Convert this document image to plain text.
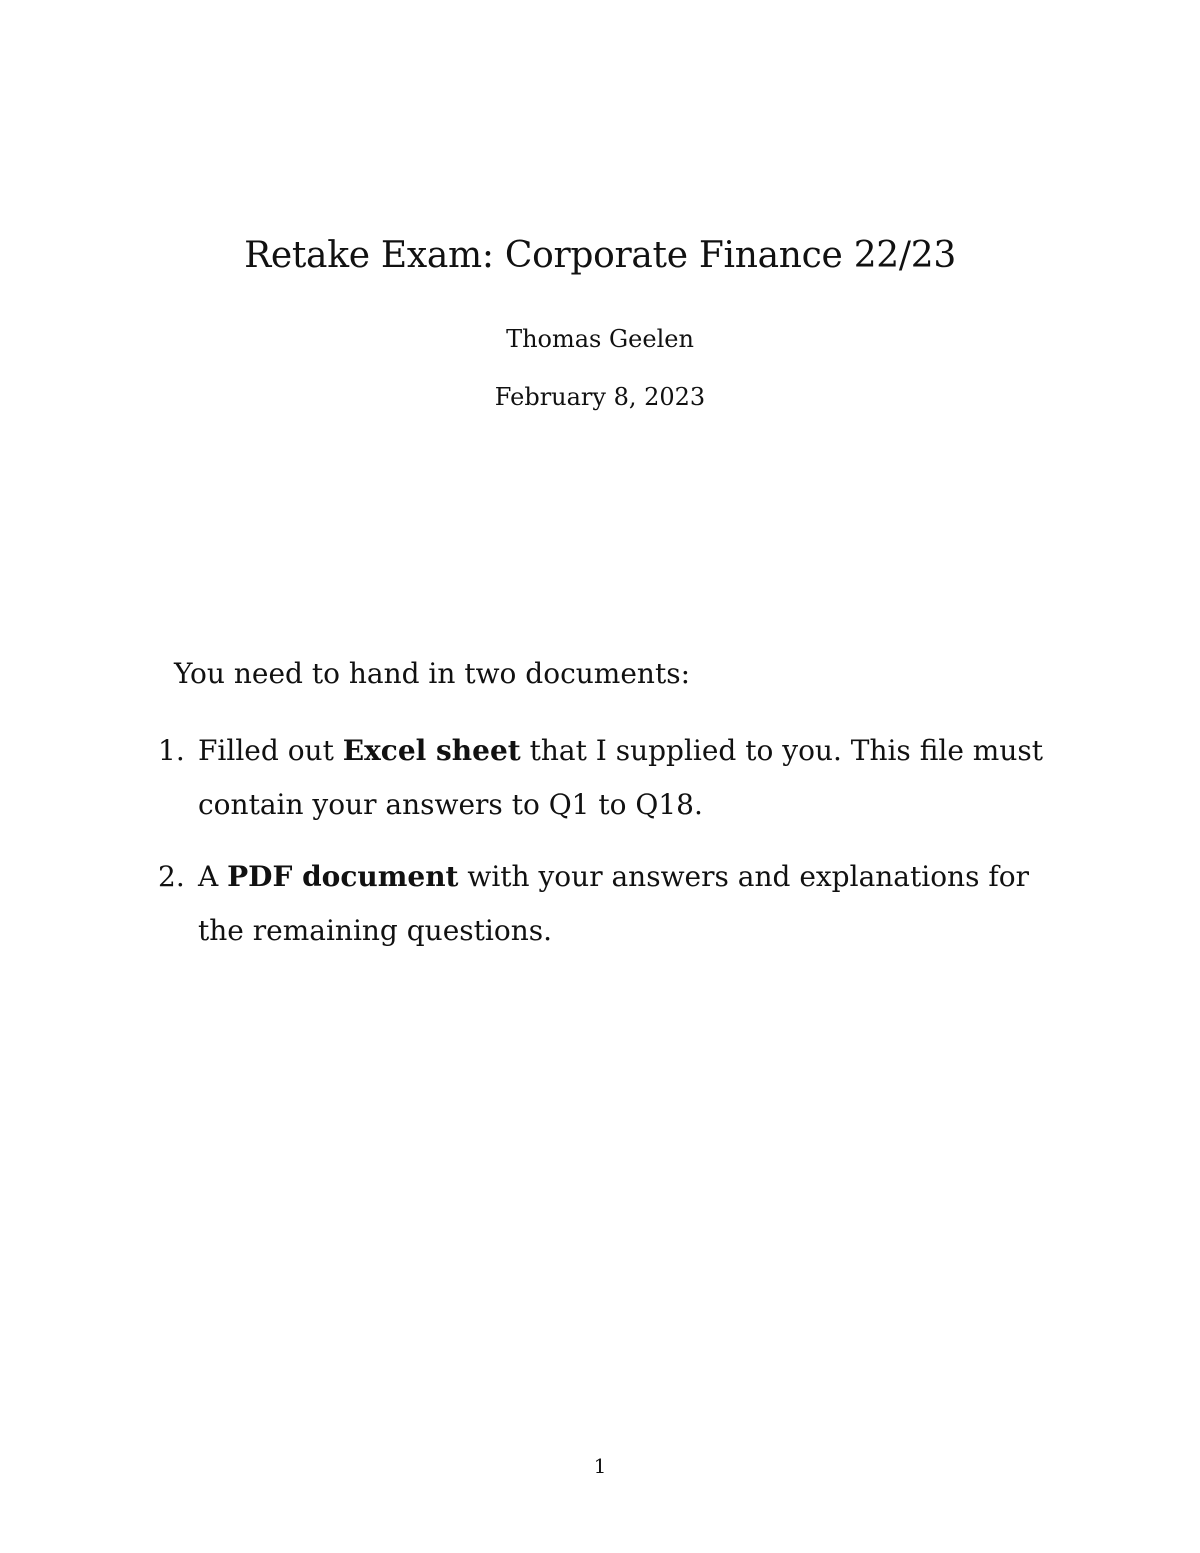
Retake Exam: Corporate Finance 22/23
Thomas Geelen
February 8, 2023
You need to hand in two documents:
1. Filled out Excel sheet that I supplied to you. This file must contain your answers to Q1 to Q18.
2. A PDF document with your answers and explanations for the remaining questions.
1
